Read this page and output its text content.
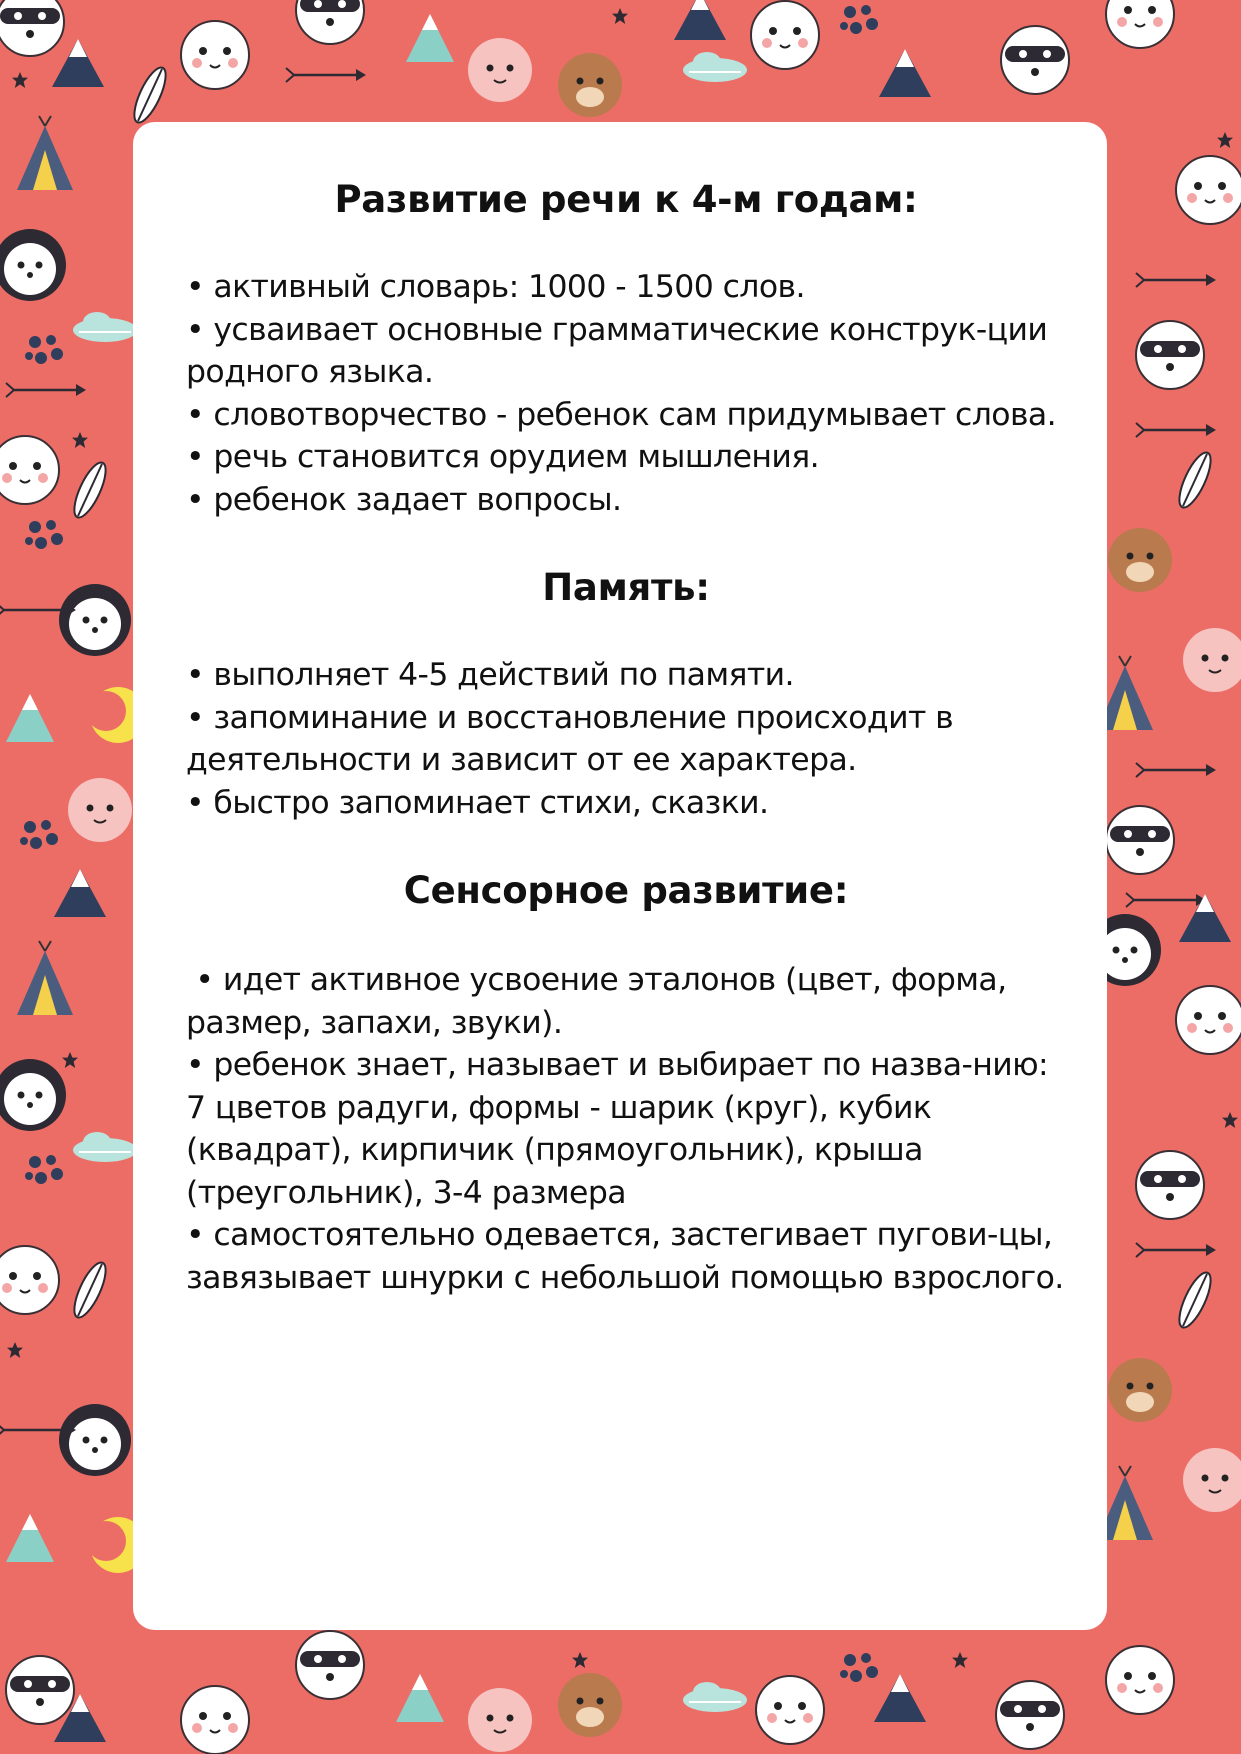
Развитие речи к 4-м годам:
• активный словарь: 1000 - 1500 слов.
• усваивает основные грамматические конструк-ции родного языка.
• словотворчество - ребенок сам придумывает слова.
• речь становится орудием мышления.
• ребенок задает вопросы.
Память:
• выполняет 4-5 действий по памяти.
• запоминание и восстановление происходит в деятельности и зависит от ее характера.
• быстро запоминает стихи, сказки.
Сенсорное развитие:
• идет активное усвоение эталонов (цвет, форма, размер, запахи, звуки).
• ребенок знает, называет и выбирает по назва-нию: 7 цветов радуги, формы - шарик (круг), кубик (квадрат), кирпичик (прямоугольник), крыша (треугольник), 3-4 размера
• самостоятельно одевается, застегивает пугови-цы, завязывает шнурки с небольшой помощью взрослого.
